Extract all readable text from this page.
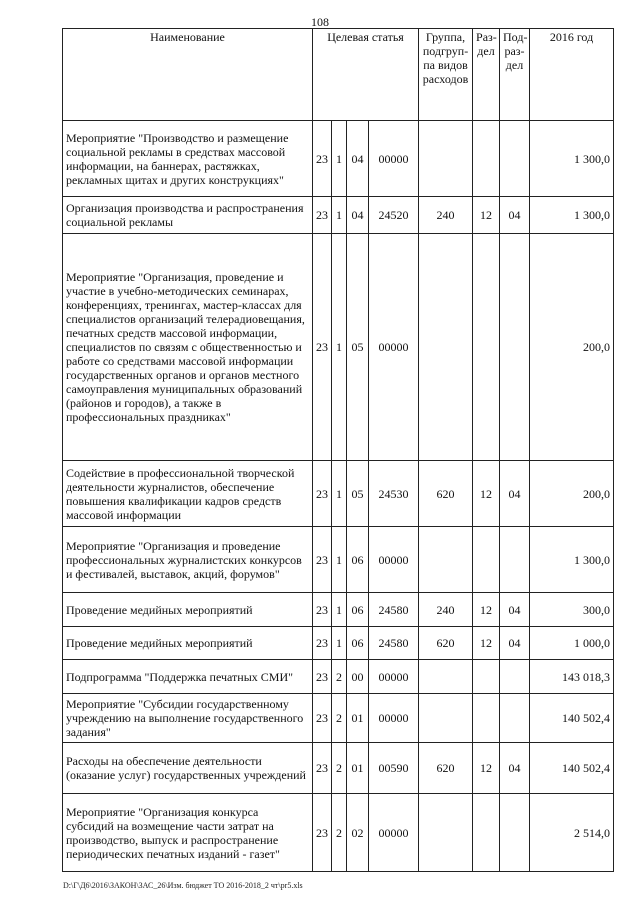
108
Наименование	Целевая статья				Группа, подгруп-па видов расходов	Раз-дел	Под-раз-дел	2016 год
Мероприятие "Производство и размещение социальной рекламы в средствах массовой информации, на баннерах, растяжках, рекламных щитах и других конструкциях"	23	1	04	00000				1 300,0
Организация производства и распространения социальной рекламы	23	1	04	24520	240	12	04	1 300,0
Мероприятие "Организация, проведение и участие в учебно-методических семинарах, конференциях, тренингах, мастер-классах для специалистов организаций телерадиовещания, печатных средств массовой информации, специалистов по связям с общественностью и работе со средствами массовой информации государственных органов и органов местного самоуправления муниципальных образований (районов и городов), а также в профессиональных праздниках"	23	1	05	00000				200,0
Содействие в профессиональной творческой деятельности журналистов, обеспечение повышения квалификации кадров средств массовой информации	23	1	05	24530	620	12	04	200,0
Мероприятие "Организация и проведение профессиональных журналистских конкурсов и фестивалей, выставок, акций, форумов"	23	1	06	00000				1 300,0
Проведение медийных мероприятий	23	1	06	24580	240	12	04	300,0
Проведение медийных мероприятий	23	1	06	24580	620	12	04	1 000,0
Подпрограмма "Поддержка печатных СМИ"	23	2	00	00000				143 018,3
Мероприятие "Субсидии государственному учреждению на выполнение государственного задания"	23	2	01	00000				140 502,4
Расходы на обеспечение деятельности (оказание услуг) государственных учреждений	23	2	01	00590	620	12	04	140 502,4
Мероприятие "Организация конкурса субсидий на возмещение части затрат на производство, выпуск и распространение периодических печатных изданий - газет"	23	2	02	00000				2 514,0
D:\Г\Д6\2016\ЗАКОН\ЗАС_26\Изм. бюджет ТО 2016-2018_2 чт\pr5.xls
